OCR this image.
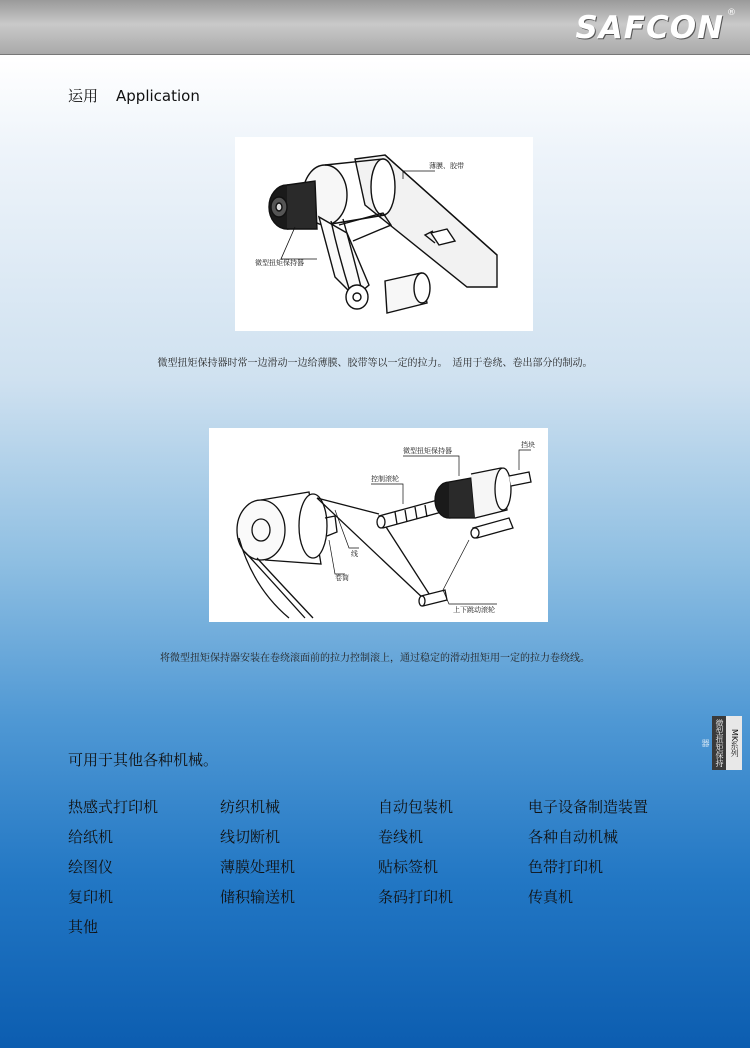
SAFCON ®
运用 Application
薄膜、胶带
微型扭矩保持器
微型扭矩保持器时常一边滑动一边给薄膜、胶带等以一定的拉力。　适用于卷绕、卷出部分的制动。
微型扭矩保持器
挡块
控制滚轮
线
卷筒
上下跳动滚轮
将微型扭矩保持器安装在卷绕滚面前的拉力控制滚上，通过稳定的滑动扭矩用一定的拉力卷绕线。
微型扭矩保持器	MK系列
可用于其他各种机械。
热感式打印机	纺织机械	自动包装机	电子设备制造装置
给纸机	线切断机	卷线机	各种自动机械
绘图仪	薄膜处理机	贴标签机	色带打印机
复印机	储积输送机	条码打印机	传真机
其他
